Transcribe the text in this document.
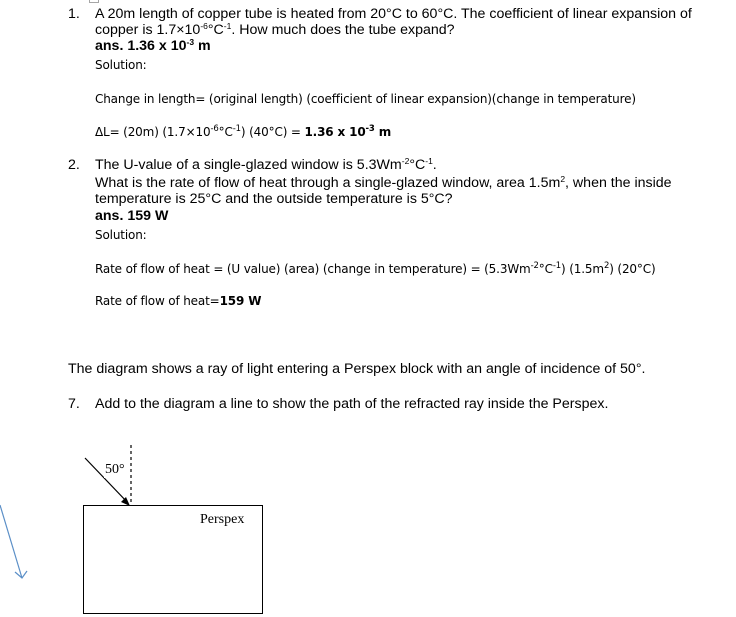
1. A 20m length of copper tube is heated from 20°C to 60°C. The coefficient of linear expansion of
copper is $1.7\times 10^{-6}^\circ C^{-1}$. How much does the tube expand?
ans. 1.36 x $10^{-3}$ m
Solution:
Change in length= (original length) (coefficient of linear expansion)(change in temperature)
ΔL= (20m) $(1.7\times 10^{-6}^\circ C^{-1}) (40^\circ C) = 1.36$ x $10^{-3}$ m
2. The U-value of a single-glazed window is $5.3Wm^{-2}^\circ C^{-1}$.
What is the rate of flow of heat through a single-glazed window, area $1.5m^2$, when the inside
temperature is 25°C and the outside temperature is 5°C?
ans. 159 W
Solution:
Rate of flow of heat = (U value) (area) (change in temperature) = $(5.3Wm^{-2}^\circ C^{-1})$ $(1.5m^2)$ (20°C)
Rate of flow of heat=159 W
The diagram shows a ray of light entering a Perspex block with an angle of incidence of 50°.
7. Add to the diagram a line to show the path of the refracted ray inside the Perspex.
50°
Perspex
